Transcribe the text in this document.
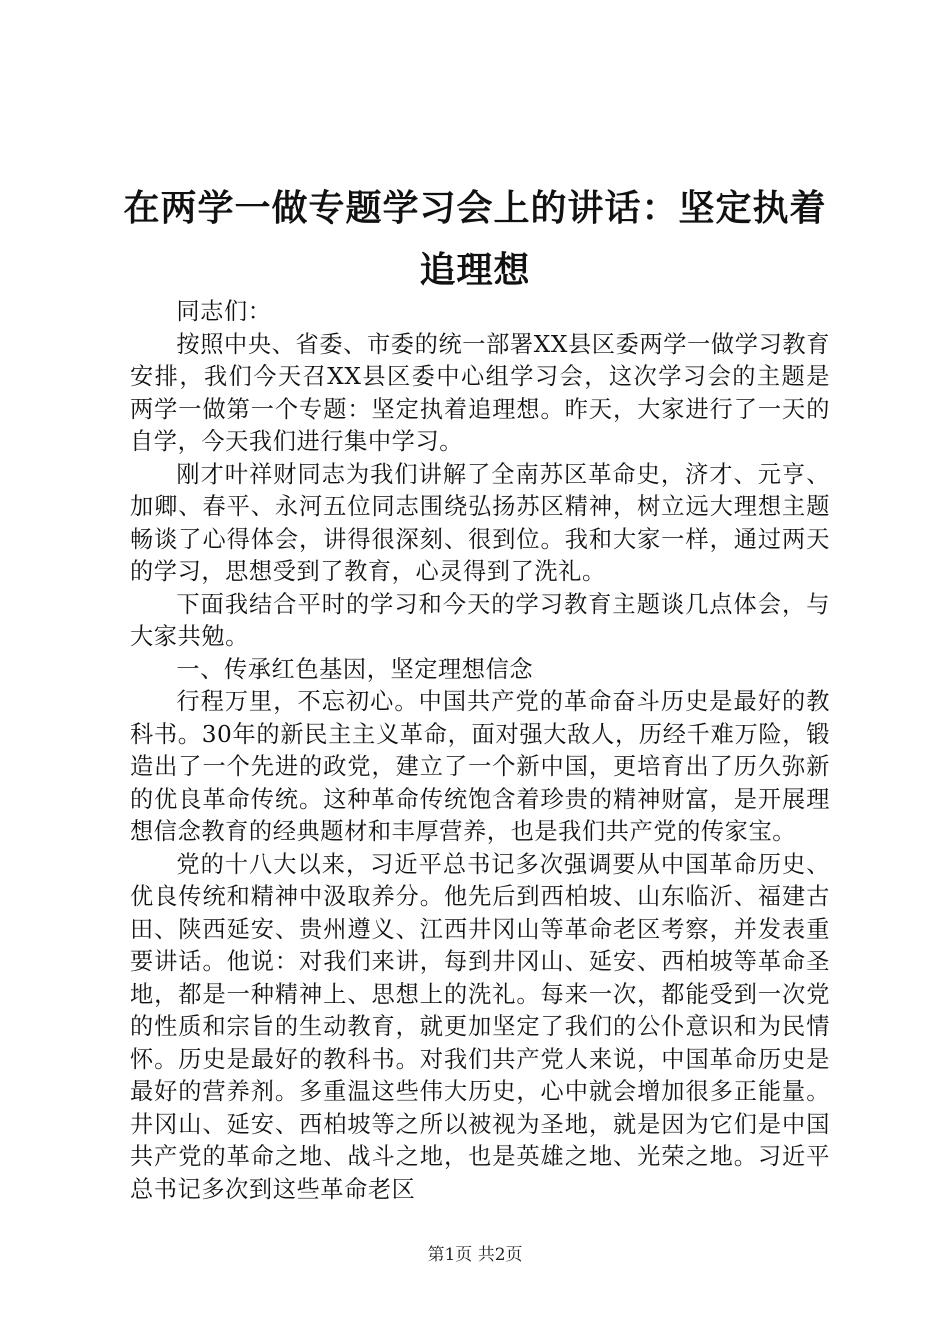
在两学一做专题学习会上的讲话：坚定执着追理想

同志们：

按照中央、省委、市委的统一部署XX县区委两学一做学习教育安排，我们今天召XX县区委中心组学习会，这次学习会的主题是两学一做第一个专题：坚定执着追理想。昨天，大家进行了一天的自学，今天我们进行集中学习。

刚才叶祥财同志为我们讲解了全南苏区革命史，济才、元亨、加卿、春平、永河五位同志围绕弘扬苏区精神，树立远大理想主题畅谈了心得体会，讲得很深刻、很到位。我和大家一样，通过两天的学习，思想受到了教育，心灵得到了洗礼。

下面我结合平时的学习和今天的学习教育主题谈几点体会，与大家共勉。

一、传承红色基因，坚定理想信念

行程万里，不忘初心。中国共产党的革命奋斗历史是最好的教科书。30年的新民主主义革命，面对强大敌人，历经千难万险，锻造出了一个先进的政党，建立了一个新中国，更培育出了历久弥新的优良革命传统。这种革命传统饱含着珍贵的精神财富，是开展理想信念教育的经典题材和丰厚营养，也是我们共产党的传家宝。

党的十八大以来，习近平总书记多次强调要从中国革命历史、优良传统和精神中汲取养分。他先后到西柏坡、山东临沂、福建古田、陕西延安、贵州遵义、江西井冈山等革命老区考察，并发表重要讲话。他说：对我们来讲，每到井冈山、延安、西柏坡等革命圣地，都是一种精神上、思想上的洗礼。每来一次，都能受到一次党的性质和宗旨的生动教育，就更加坚定了我们的公仆意识和为民情怀。历史是最好的教科书。对我们共产党人来说，中国革命历史是最好的营养剂。多重温这些伟大历史，心中就会增加很多正能量。井冈山、延安、西柏坡等之所以被视为圣地，就是因为它们是中国共产党的革命之地、战斗之地，也是英雄之地、光荣之地。习近平总书记多次到这些革命老区

第1页 共2页
